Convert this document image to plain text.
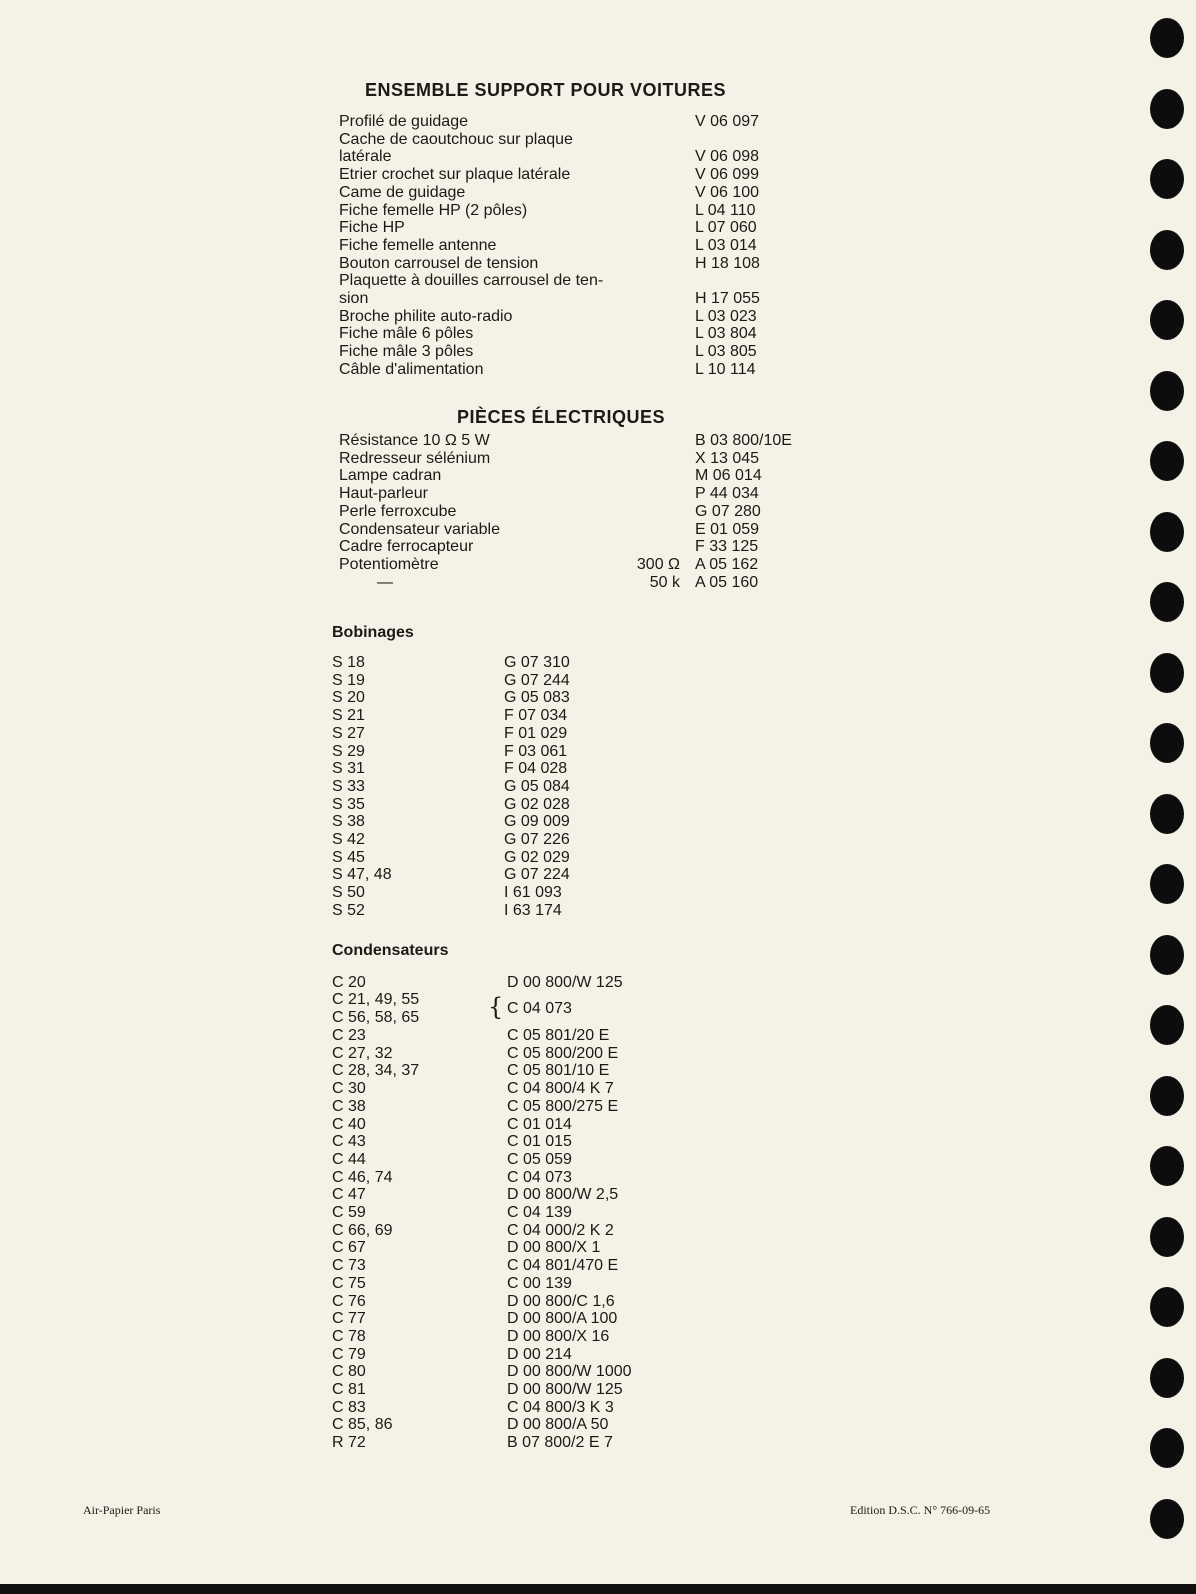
ENSEMBLE SUPPORT POUR VOITURES
Profilé de guidage	V 06 097
Cache de caoutchouc sur plaque
latérale	V 06 098
Etrier crochet sur plaque latérale	V 06 099
Came de guidage	V 06 100
Fiche femelle HP (2 pôles)	L 04 110
Fiche HP	L 07 060
Fiche femelle antenne	L 03 014
Bouton carrousel de tension	H 18 108
Plaquette à douilles carrousel de ten-
sion	H 17 055
Broche philite auto-radio	L 03 023
Fiche mâle 6 pôles	L 03 804
Fiche mâle 3 pôles	L 03 805
Câble d'alimentation	L 10 114
PIÈCES ÉLECTRIQUES
Résistance 10 Ω 5 W	B 03 800/10E
Redresseur sélénium	X 13 045
Lampe cadran	M 06 014
Haut-parleur	P 44 034
Perle ferroxcube	G 07 280
Condensateur variable	E 01 059
Cadre ferrocapteur	F 33 125
Potentiomètre	300 Ω A 05 162
—	50 k A 05 160
Bobinages
S 18	G 07 310
S 19	G 07 244
S 20	G 05 083
S 21	F 07 034
S 27	F 01 029
S 29	F 03 061
S 31	F 04 028
S 33	G 05 084
S 35	G 02 028
S 38	G 09 009
S 42	G 07 226
S 45	G 02 029
S 47, 48	G 07 224
S 50	I 61 093
S 52	I 63 174
Condensateurs
C 20	D 00 800/W 125
C 21, 49, 55
C 56, 58, 65	{ C 04 073
C 23	C 05 801/20 E
C 27, 32	C 05 800/200 E
C 28, 34, 37	C 05 801/10 E
C 30	C 04 800/4 K 7
C 38	C 05 800/275 E
C 40	C 01 014
C 43	C 01 015
C 44	C 05 059
C 46, 74	C 04 073
C 47	D 00 800/W 2,5
C 59	C 04 139
C 66, 69	C 04 000/2 K 2
C 67	D 00 800/X 1
C 73	C 04 801/470 E
C 75	C 00 139
C 76	D 00 800/C 1,6
C 77	D 00 800/A 100
C 78	D 00 800/X 16
C 79	D 00 214
C 80	D 00 800/W 1000
C 81	D 00 800/W 125
C 83	C 04 800/3 K 3
C 85, 86	D 00 800/A 50
R 72	B 07 800/2 E 7
Air-Papier Paris	Edition D.S.C. N° 766-09-65
